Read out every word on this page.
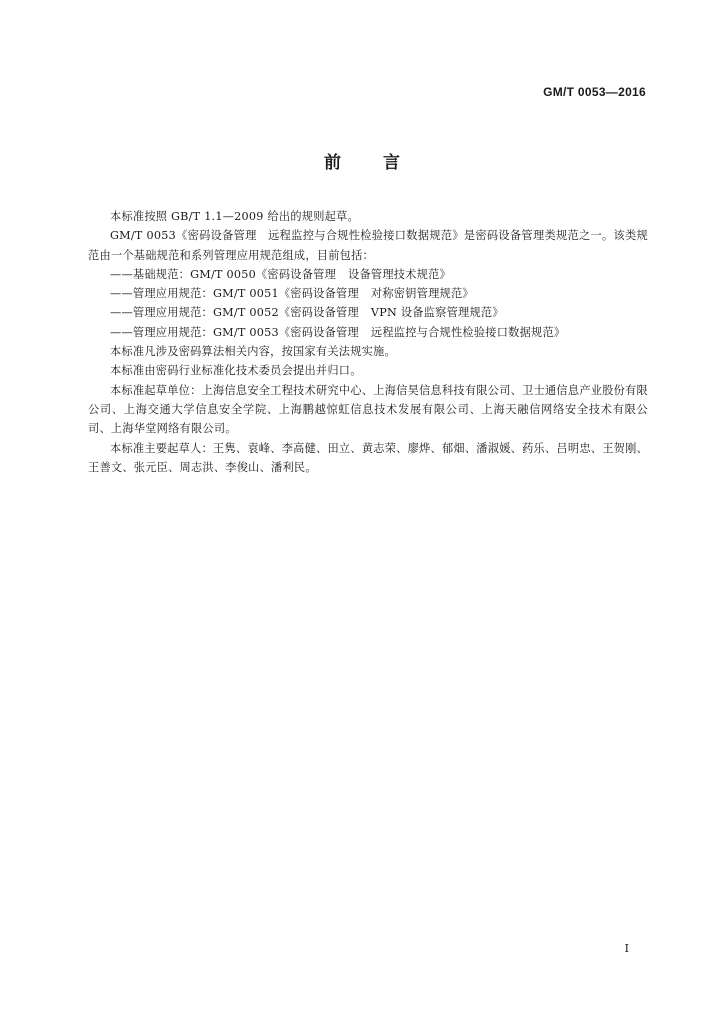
GM/T 0053—2016
前言

本标准按照 GB/T 1.1—2009 给出的规则起草。

GM/T 0053《密码设备管理　远程监控与合规性检验接口数据规范》是密码设备管理类规范之一。该类规范由一个基础规范和系列管理应用规范组成，目前包括：

——基础规范：GM/T 0050《密码设备管理 设备管理技术规范》

——管理应用规范：GM/T 0051《密码设备管理 对称密钥管理规范》

——管理应用规范：GM/T 0052《密码设备管理 VPN 设备监察管理规范》

——管理应用规范：GM/T 0053《密码设备管理 远程监控与合规性检验接口数据规范》

本标准凡涉及密码算法相关内容，按国家有关法规实施。

本标准由密码行业标准化技术委员会提出并归口。

本标准起草单位：上海信息安全工程技术研究中心、上海信昊信息科技有限公司、卫士通信息产业股份有限公司、上海交通大学信息安全学院、上海鹏越惊虹信息技术发展有限公司、上海天融信网络安全技术有限公司、上海华堂网络有限公司。

本标准主要起草人：王隽、袁峰、李高健、田立、黄志荣、廖烨、郁畑、潘淑媛、药乐、吕明忠、王贺刚、王善文、张元臣、周志洪、李俊山、潘利民。

I
